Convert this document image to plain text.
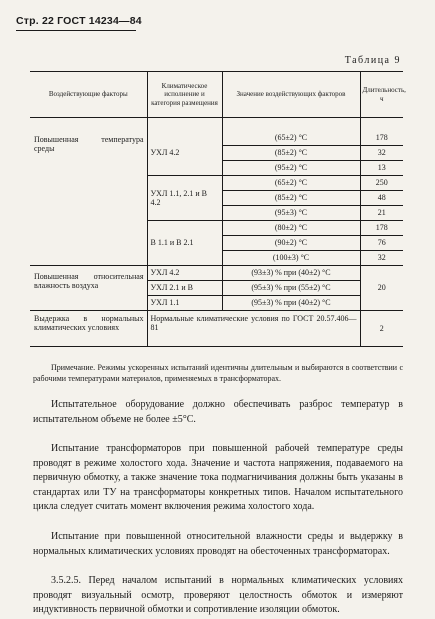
Стр. 22 ГОСТ 14234—84
Таблица 9
Воздействующие факторы	Климатическое исполнение и категория размещения	Значение воздействующих факторов	Длительность, ч

Повышенная температура среды	УХЛ 4.2	(65±2) °С	178
		(85±2) °С	32
		(95±2) °С	13
	УХЛ 1.1, 2.1 и В 4.2	(65±2) °С	250
		(85±2) °С	48
		(95±3) °С	21
	В 1.1 и В 2.1	(80±2) °С	178
		(90±2) °С	76
		(100±3) °С	32
Повышенная относительная влажность воздуха	УХЛ 4.2	(93±3) % при (40±2) °С	20
	УХЛ 2.1 и В	(95±3) % при (55±2) °С	
	УХЛ 1.1	(95±3) % при (40±2) °С	
Выдержка в нормальных климатических условиях	Нормальные климатические условия по ГОСТ 20.57.406—81		2
Примечание. Режимы ускоренных испытаний идентичны длительным и выбираются в соответствии с рабочими температурами материалов, применяемых в трансформаторах.

Испытательное оборудование должно обеспечивать разброс температур в испытательном объеме не более ±5°С.

Испытание трансформаторов при повышенной рабочей температуре среды проводят в режиме холостого хода. Значение и частота напряжения, подаваемого на первичную обмотку, а также значение тока подмагничивания должны быть указаны в стандартах или ТУ на трансформаторы конкретных типов. Началом испытательного цикла следует считать момент включения режима холостого хода.

Испытание при повышенной относительной влажности среды и выдержку в нормальных климатических условиях проводят на обесточенных трансформаторах.

3.5.2.5. Перед началом испытаний в нормальных климатических условиях проводят визуальный осмотр, проверяют целостность обмоток и измеряют индуктивность первичной обмотки и сопротивление изоляции обмоток.
